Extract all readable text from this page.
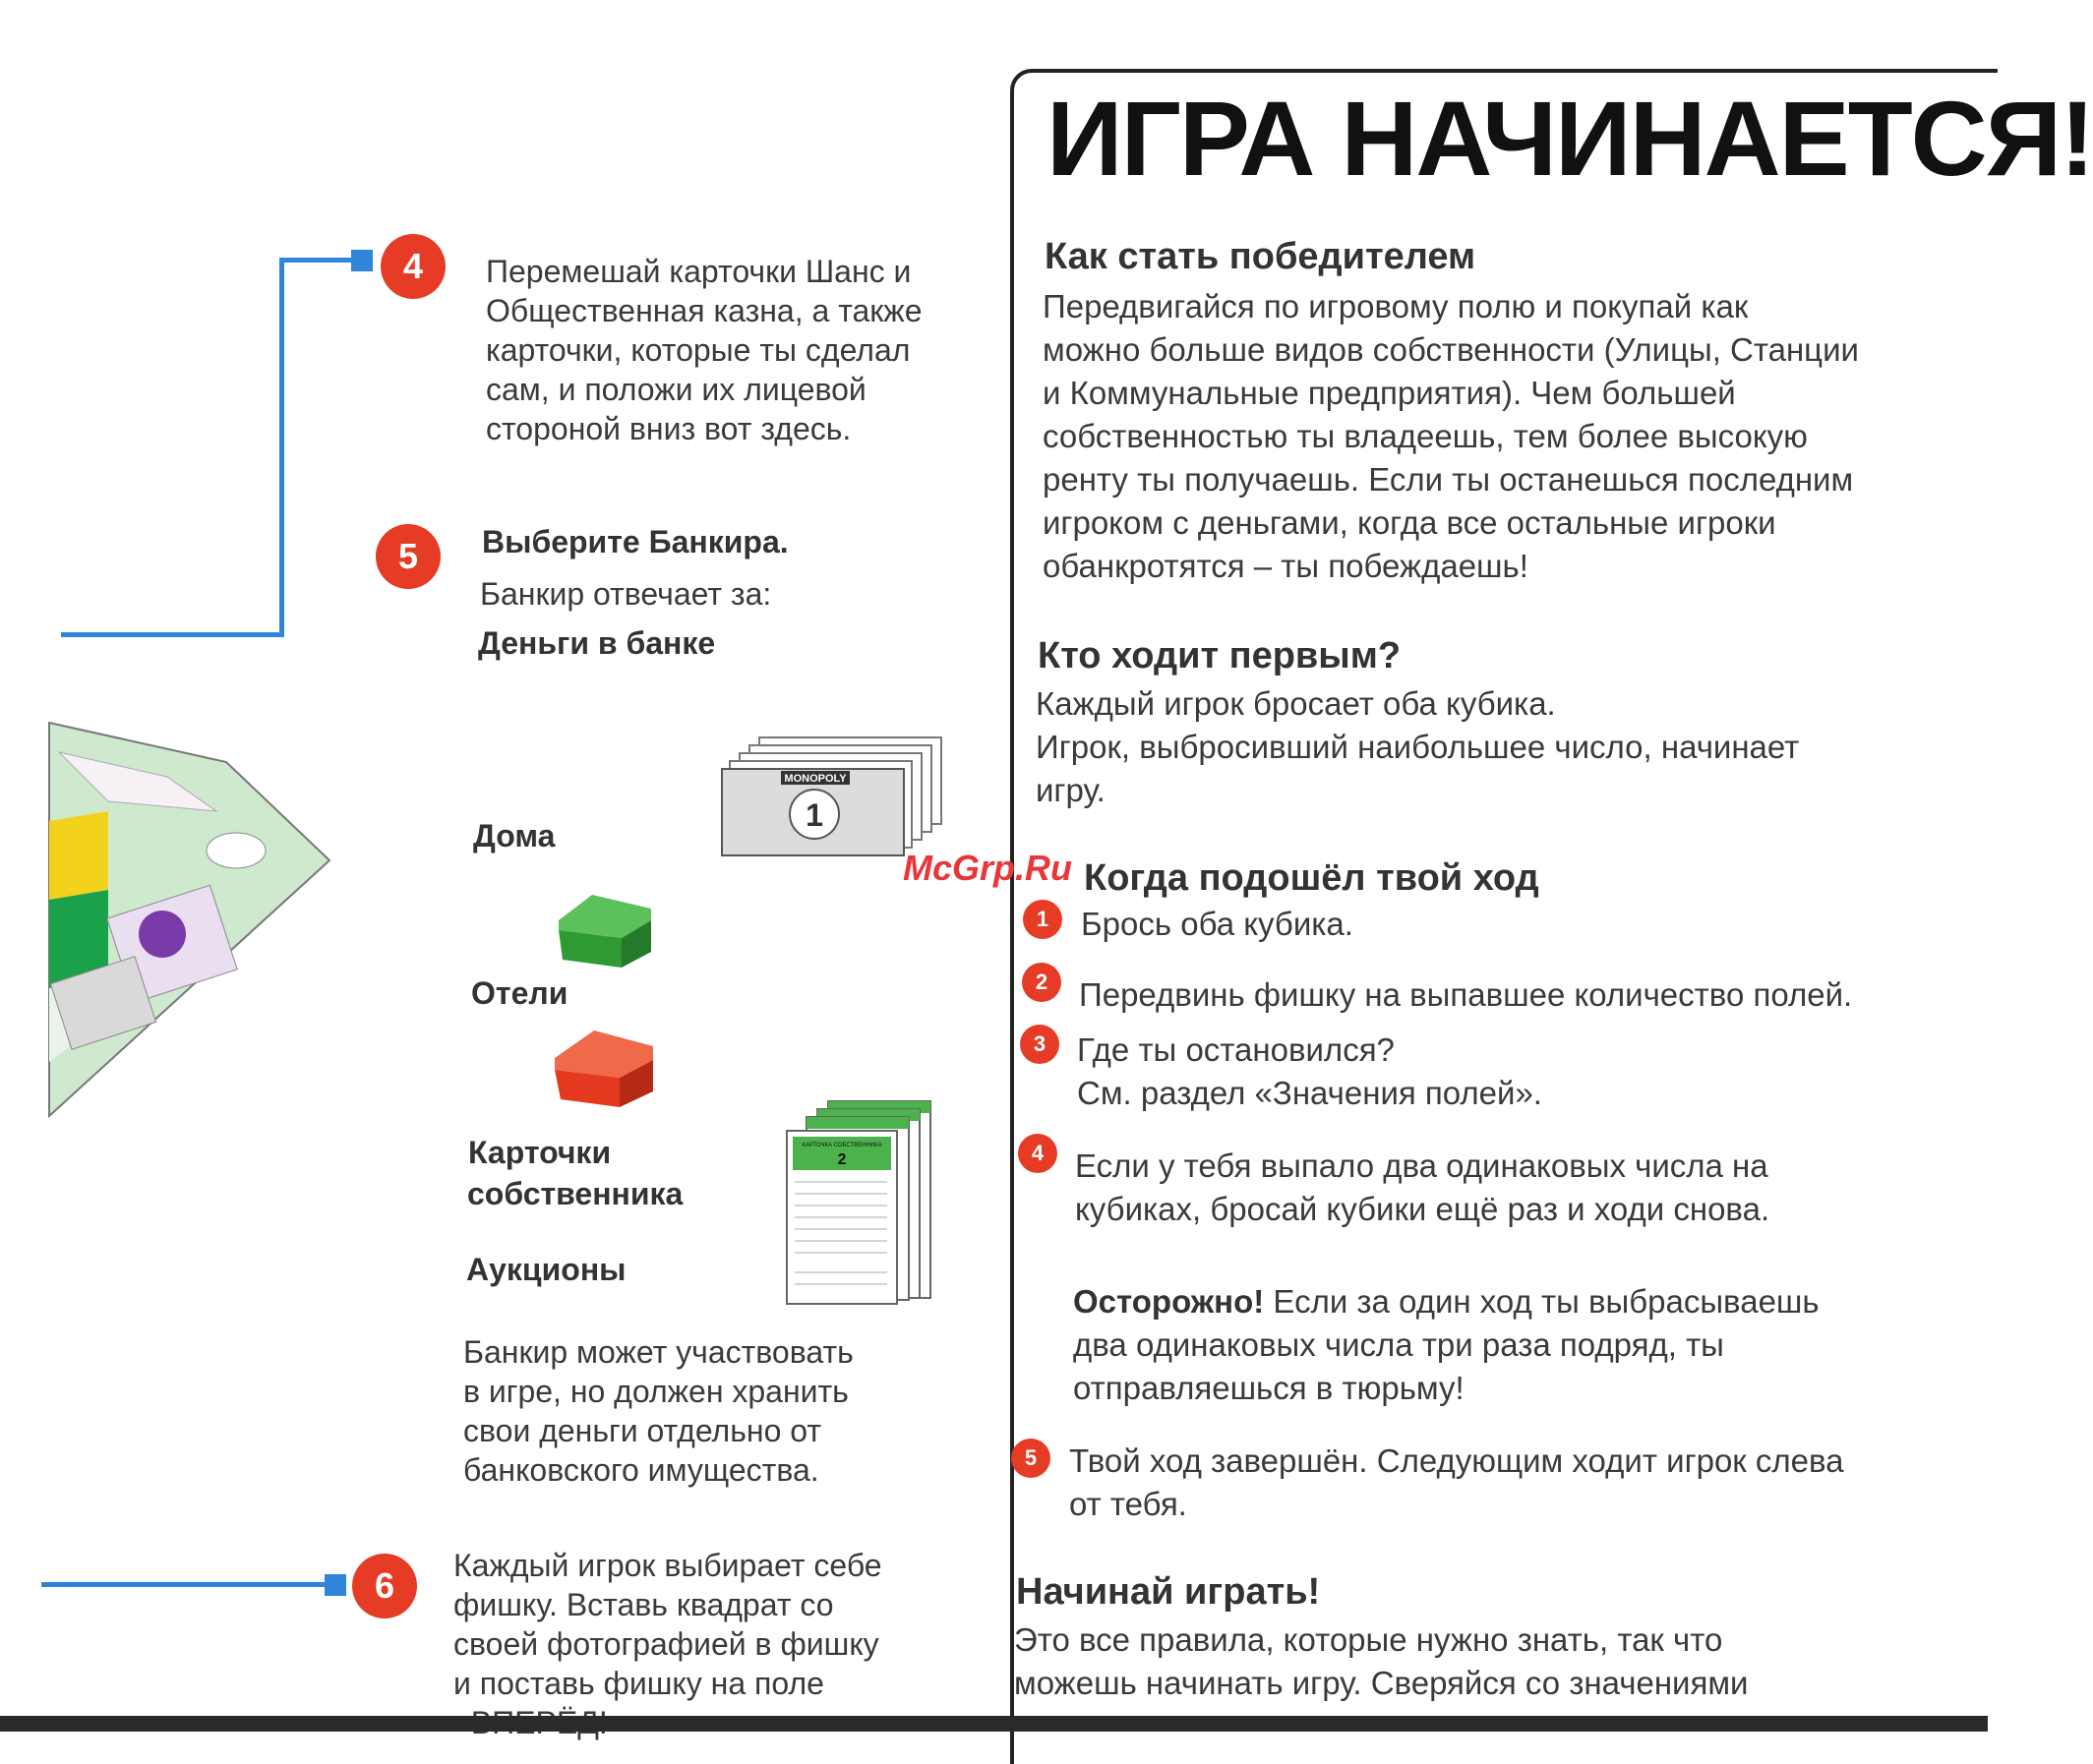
4	Перемешай карточки Шанс и
Общественная казна, а также
карточки, которые ты сделал
сам, и положи их лицевой
стороной вниз вот здесь.
5	Выберите Банкира.
Банкир отвечает за:
Деньги в банке
MONOPOLY
1
Дома
Отели
Карточки
собственника
КАРТОЧКА СОБСТВЕННИКА
2
Аукционы
Банкир может участвовать
в игре, но должен хранить
свои деньги отдельно от
банковского имущества.
6	Каждый игрок выбирает себе
фишку. Вставь квадрат со
своей фотографией в фишку
и поставь фишку на поле
ИГРА НАЧИНАЕТСЯ!
Как стать победителем
Передвигайся по игровому полю и покупай как
можно больше видов собственности (Улицы, Станции
и Коммунальные предприятия). Чем большей
собственностью ты владеешь, тем более высокую
ренту ты получаешь. Если ты останешься последним
игроком с деньгами, когда все остальные игроки
обанкротятся – ты побеждаешь!
Кто ходит первым?
Каждый игрок бросает оба кубика.
Игрок, выбросивший наибольшее число, начинает
игру.
McGrp.Ru Когда подошёл твой ход
1 Брось оба кубика.
2 Передвинь фишку на выпавшее количество полей.
3 Где ты остановился?
См. раздел «Значения полей».
4 Если у тебя выпало два одинаковых числа на
кубиках, бросай кубики ещё раз и ходи снова.
Осторожно! Если за один ход ты выбрасываешь
два одинаковых числа три раза подряд, ты
отправляешься в тюрьму!
5 Твой ход завершён. Следующим ходит игрок слева
от тебя.
Начинай играть!
Это все правила, которые нужно знать, так что
можешь начинать игру. Сверяйся со значениями
